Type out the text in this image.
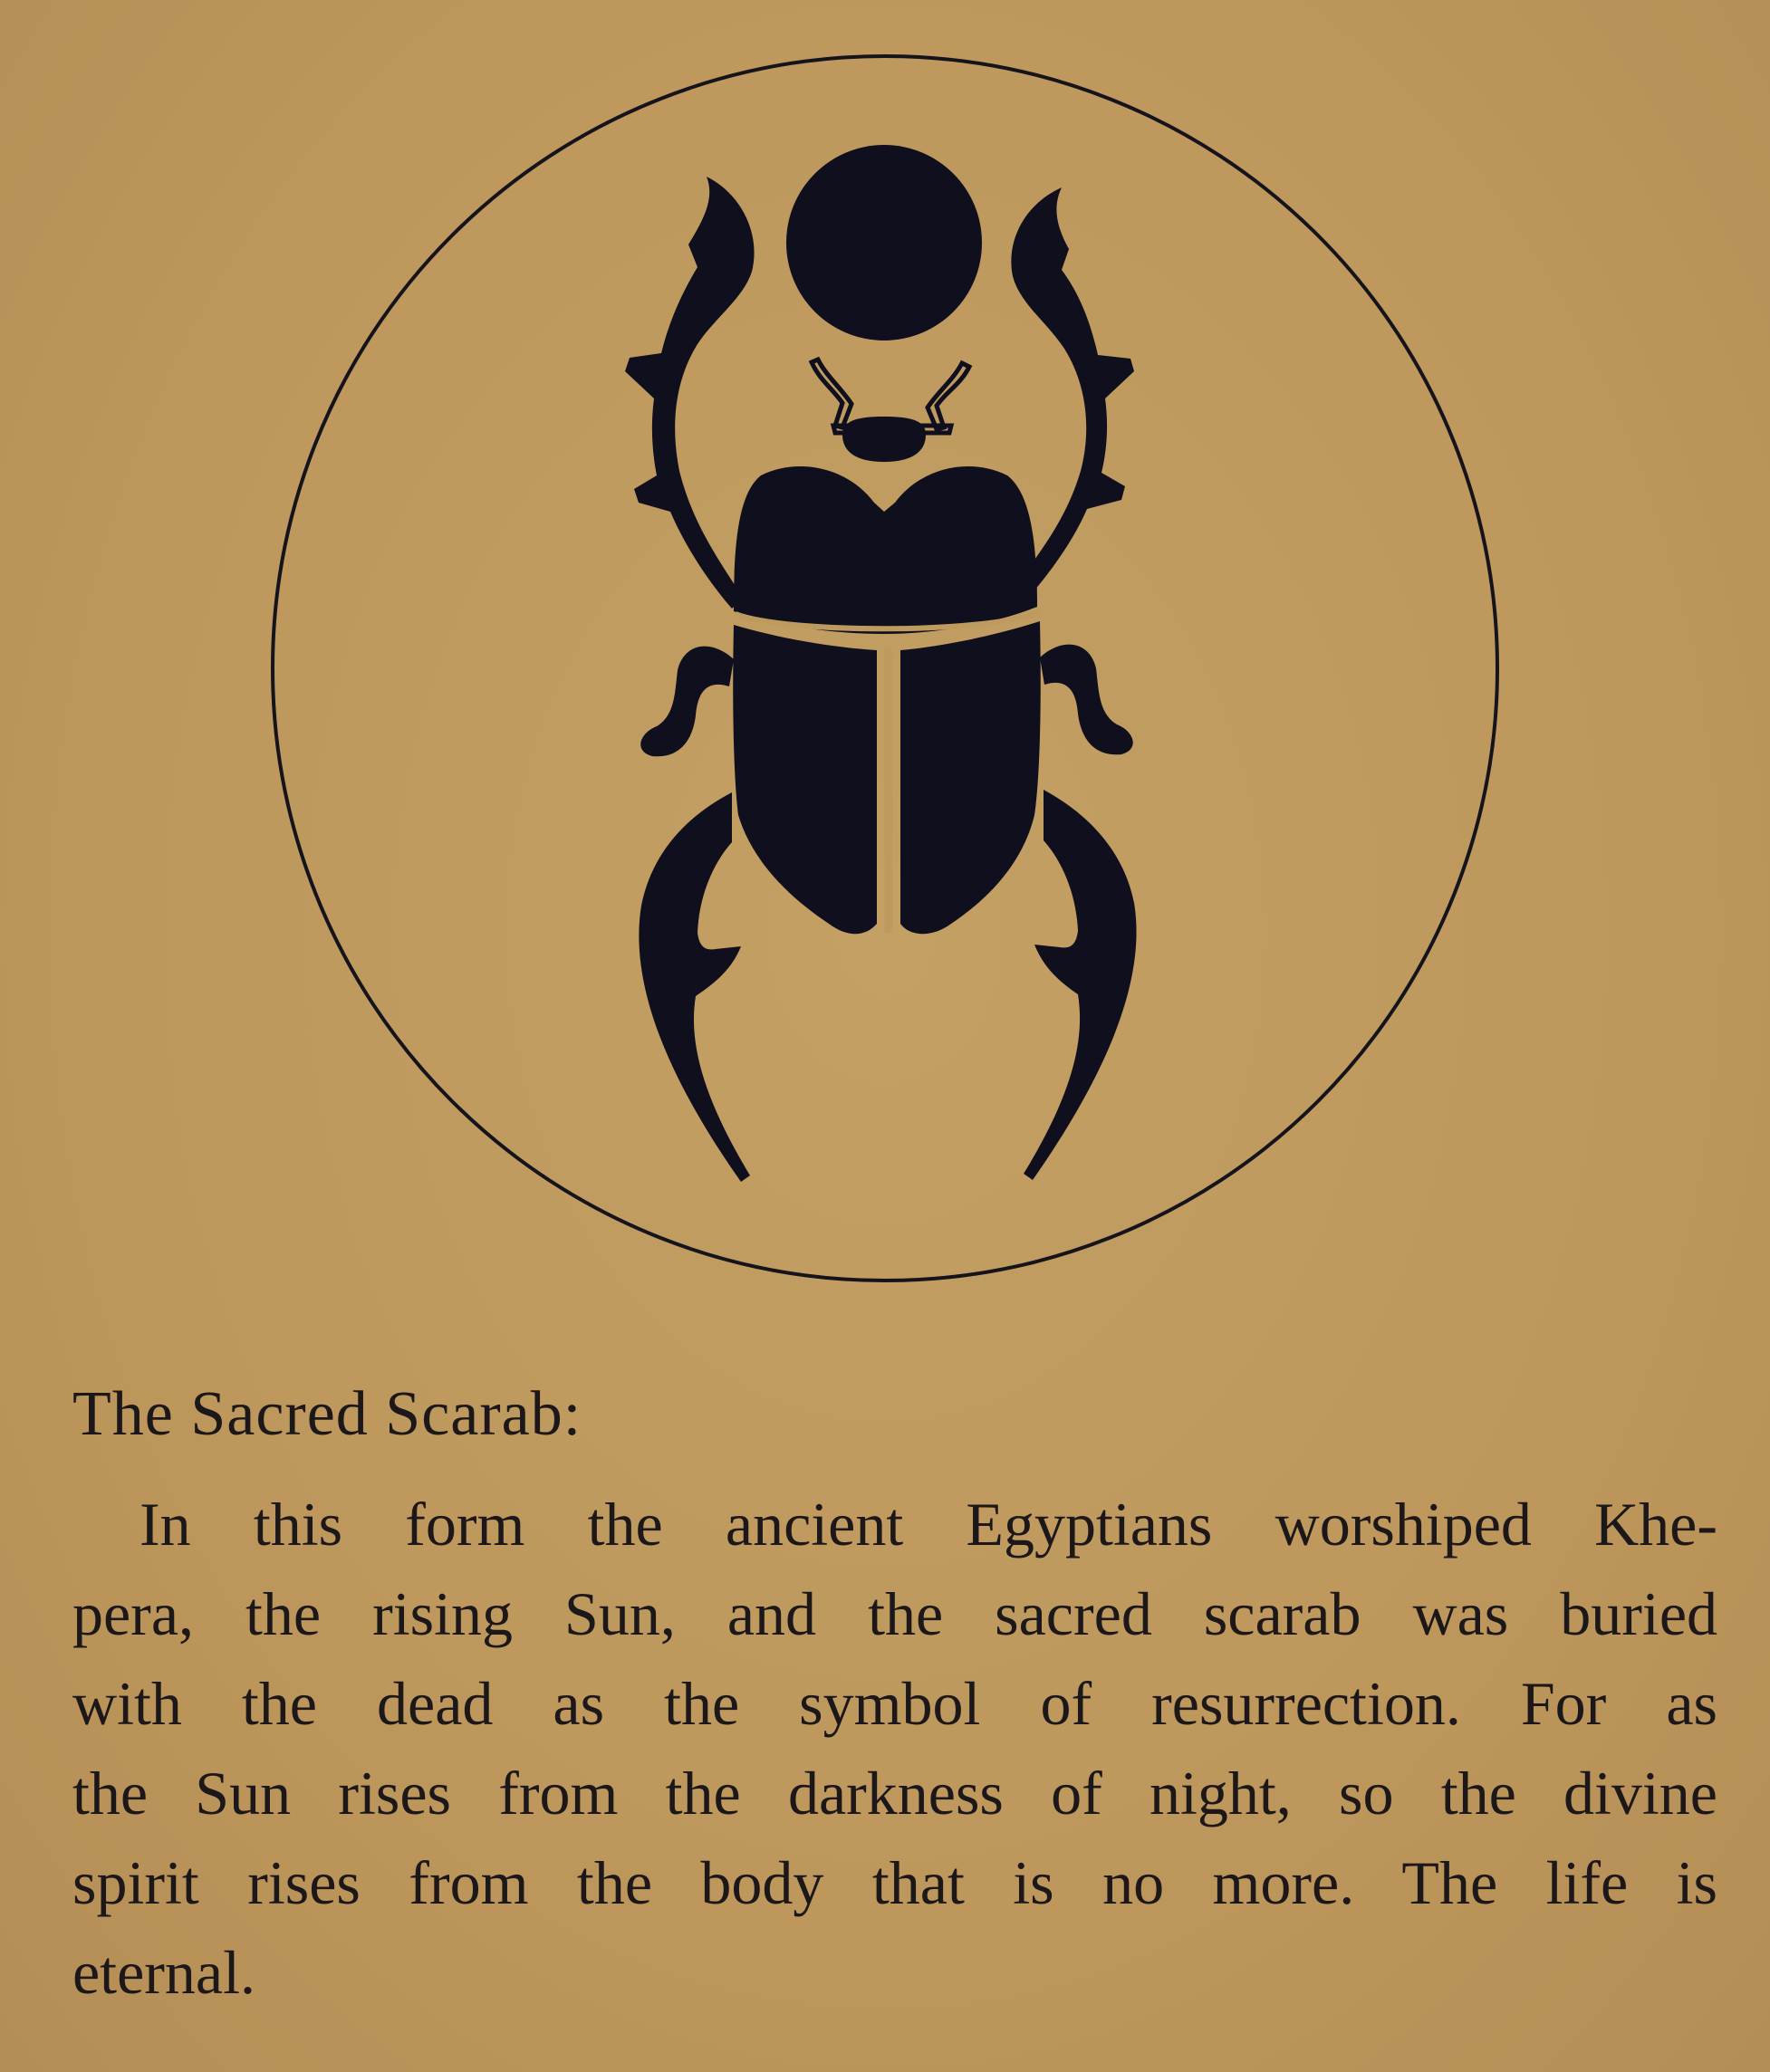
The Sacred Scarab:
In this form the ancient Egyptians worshiped Khe-
pera, the rising Sun, and the sacred scarab was buried
with the dead as the symbol of resurrection. For as
the Sun rises from the darkness of night, so the divine
spirit rises from the body that is no more. The life is
eternal.
